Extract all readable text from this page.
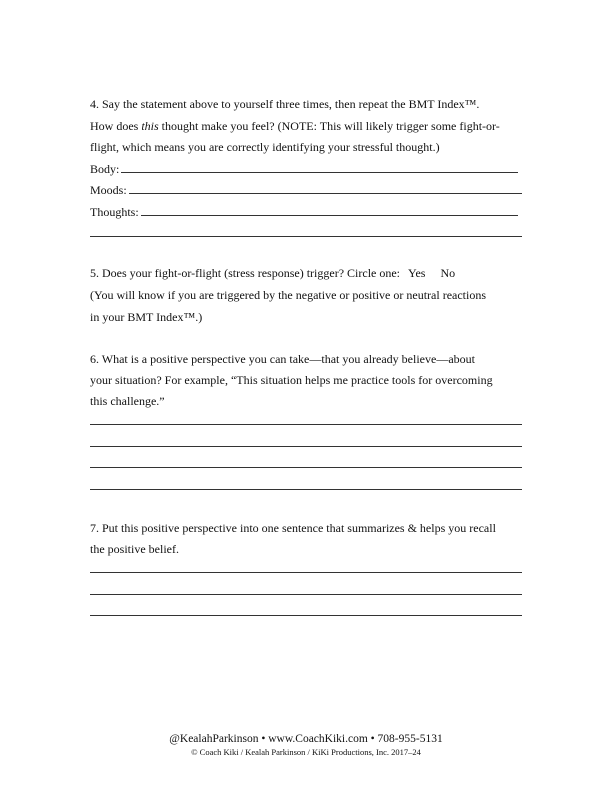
4. Say the statement above to yourself three times, then repeat the BMT Index™.
How does this thought make you feel? (NOTE: This will likely trigger some fight-or-
flight, which means you are correctly identifying your stressful thought.)
Body:
Moods:
Thoughts:
5. Does your fight-or-flight (stress response) trigger? Circle one: Yes No
(You will know if you are triggered by the negative or positive or neutral reactions
in your BMT Index™.)
6. What is a positive perspective you can take—that you already believe—about
your situation? For example, “This situation helps me practice tools for overcoming
this challenge.”
7. Put this positive perspective into one sentence that summarizes & helps you recall
the positive belief.
@KealahParkinson • www.CoachKiki.com • 708-955-5131
© Coach Kiki / Kealah Parkinson / KiKi Productions, Inc. 2017–24
